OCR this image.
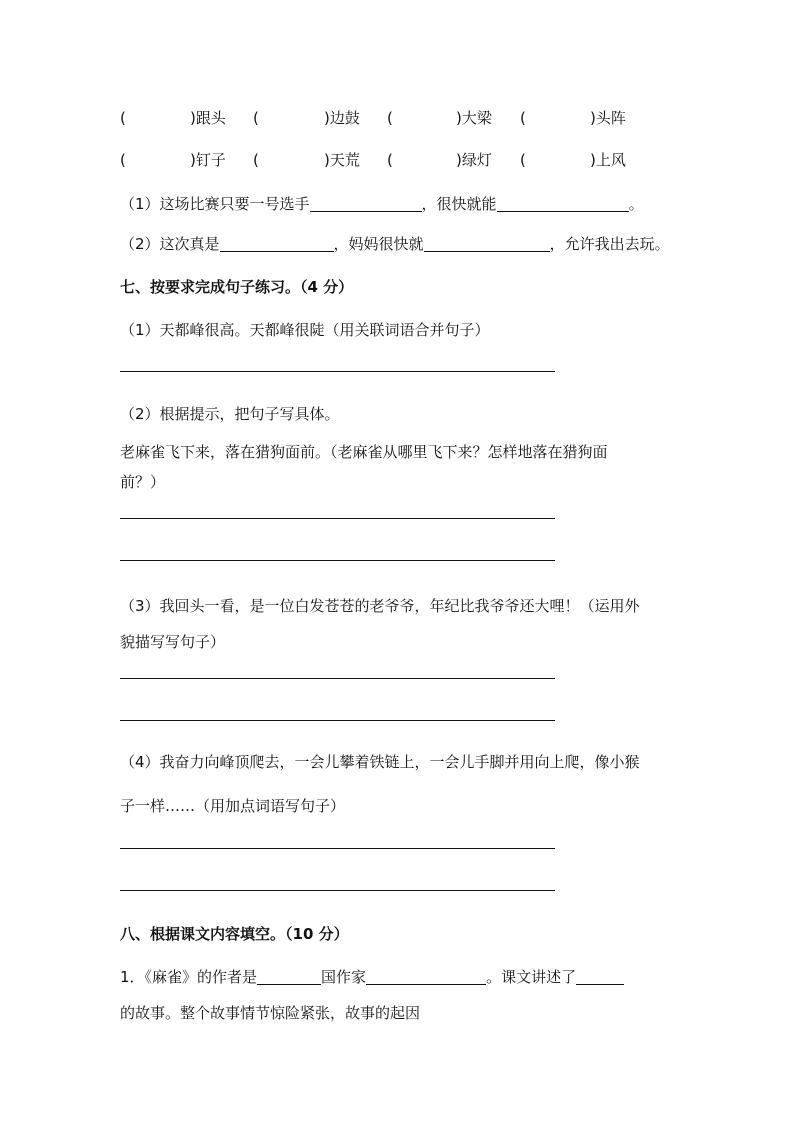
(	)跟头 (	)边鼓 (	)大梁 (	)头阵
(	)钉子 (	)天荒 (	)绿灯 (	)上风
（1）这场比赛只要一号选手	，很快就能	。
（2）这次真是	，妈妈很快就	，允许我出去玩。
七、按要求完成句子练习。（4 分）
（1）天都峰很高。天都峰很陡（用关联词语合并句子）
（2）根据提示，把句子写具体。
老麻雀飞下来，落在猎狗面前。（老麻雀从哪里飞下来？怎样地落在猎狗面
前？）
（3）我回头一看，是一位白发苍苍的老爷爷，年纪比我爷爷还大哩！（运用外
貌描写写句子）
（4）我奋力向峰顶爬去，一会儿攀着铁链上，一会儿手脚并用向上爬，像小猴
子一样……（用加点词语写句子）
八、根据课文内容填空。（10 分）
1．《麻雀》的作者是	国作家	。课文讲述了
的故事。整个故事情节惊险紧张，故事的起因
